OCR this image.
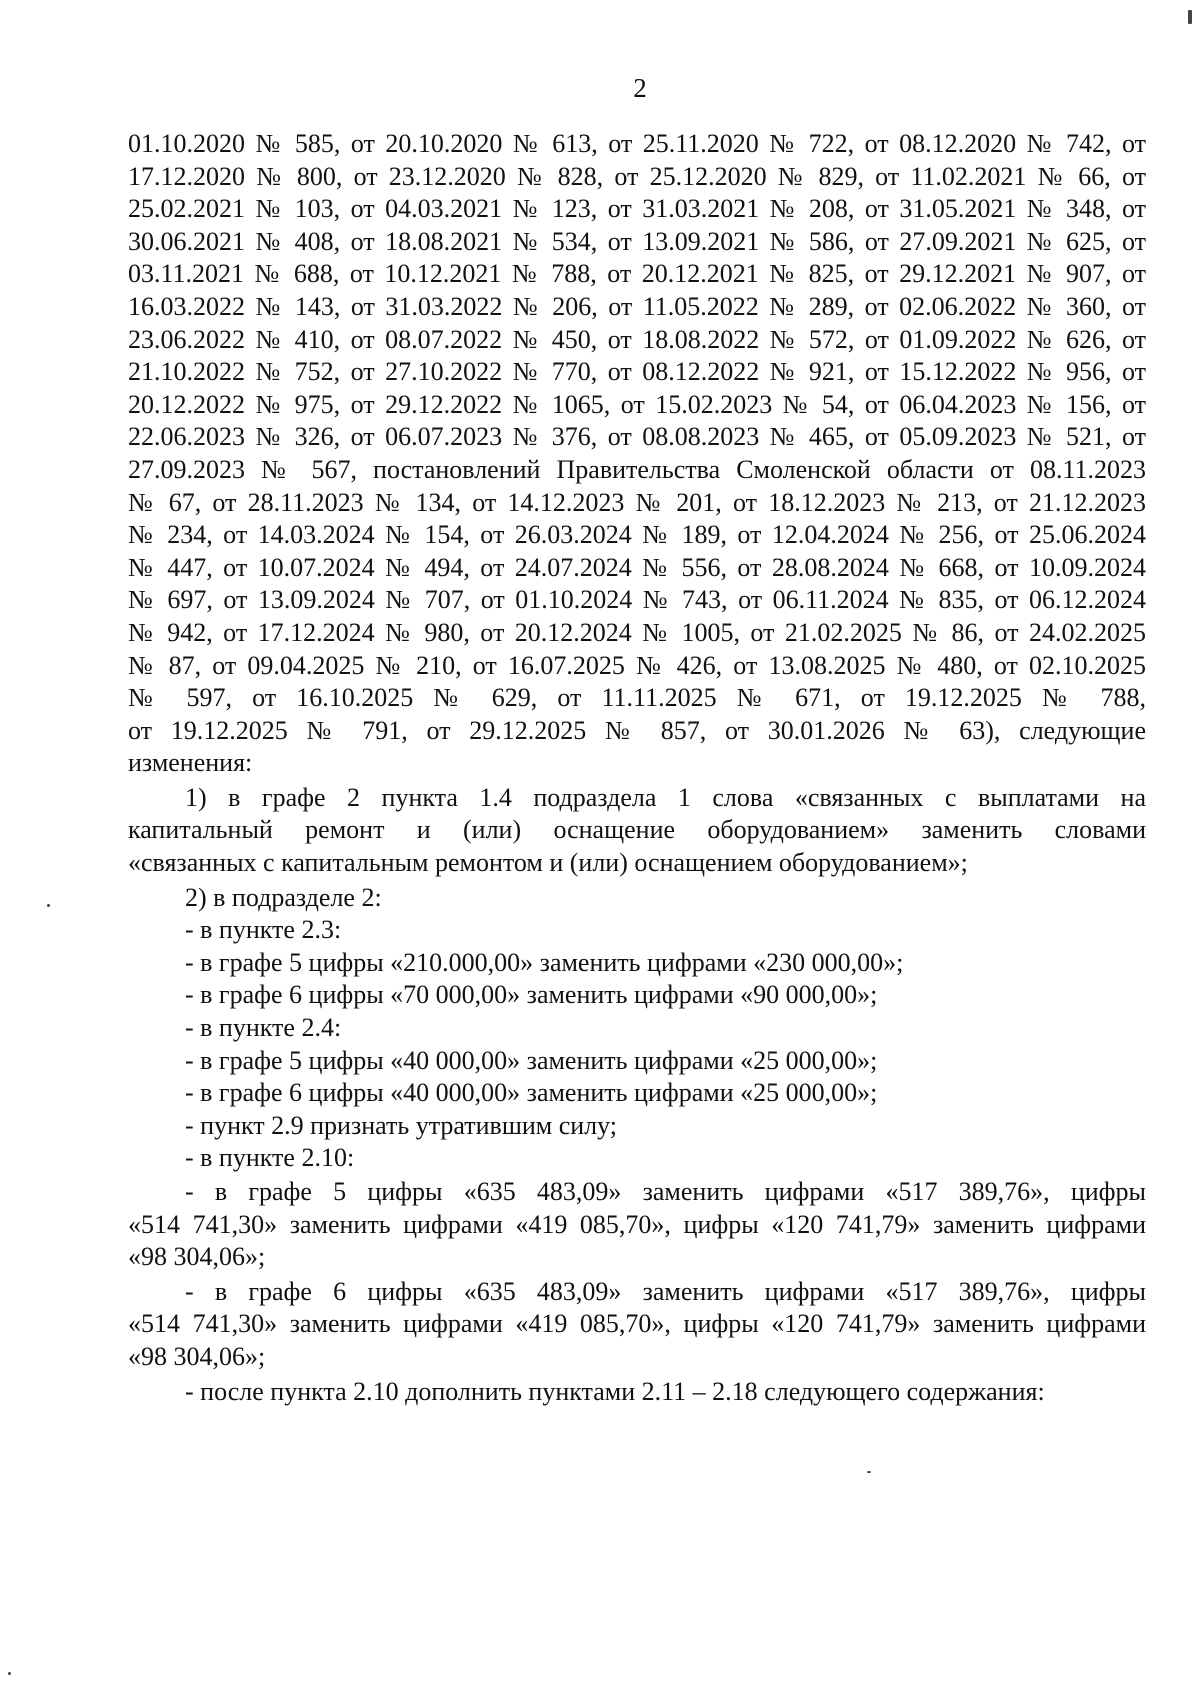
2
01.10.2020 № 585, от 20.10.2020 № 613, от 25.11.2020 № 722, от 08.12.2020 № 742, от
17.12.2020 № 800, от 23.12.2020 № 828, от 25.12.2020 № 829, от 11.02.2021 № 66, от
25.02.2021 № 103, от 04.03.2021 № 123, от 31.03.2021 № 208, от 31.05.2021 № 348, от
30.06.2021 № 408, от 18.08.2021 № 534, от 13.09.2021 № 586, от 27.09.2021 № 625, от
03.11.2021 № 688, от 10.12.2021 № 788, от 20.12.2021 № 825, от 29.12.2021 № 907, от
16.03.2022 № 143, от 31.03.2022 № 206, от 11.05.2022 № 289, от 02.06.2022 № 360, от
23.06.2022 № 410, от 08.07.2022 № 450, от 18.08.2022 № 572, от 01.09.2022 № 626, от
21.10.2022 № 752, от 27.10.2022 № 770, от 08.12.2022 № 921, от 15.12.2022 № 956, от
20.12.2022 № 975, от 29.12.2022 № 1065, от 15.02.2023 № 54, от 06.04.2023 № 156, от
22.06.2023 № 326, от 06.07.2023 № 376, от 08.08.2023 № 465, от 05.09.2023 № 521, от
27.09.2023 № 567, постановлений Правительства Смоленской области от 08.11.2023
№ 67, от 28.11.2023 № 134, от 14.12.2023 № 201, от 18.12.2023 № 213, от 21.12.2023
№ 234, от 14.03.2024 № 154, от 26.03.2024 № 189, от 12.04.2024 № 256, от 25.06.2024
№ 447, от 10.07.2024 № 494, от 24.07.2024 № 556, от 28.08.2024 № 668, от 10.09.2024
№ 697, от 13.09.2024 № 707, от 01.10.2024 № 743, от 06.11.2024 № 835, от 06.12.2024
№ 942, от 17.12.2024 № 980, от 20.12.2024 № 1005, от 21.02.2025 № 86, от 24.02.2025
№ 87, от 09.04.2025 № 210, от 16.07.2025 № 426, от 13.08.2025 № 480, от 02.10.2025
№ 597, от 16.10.2025 № 629, от 11.11.2025 № 671, от 19.12.2025 № 788,
от 19.12.2025 № 791, от 29.12.2025 № 857, от 30.01.2026 № 63), следующие
изменения:
1) в графе 2 пункта 1.4 подраздела 1 слова «связанных с выплатами на
капитальный ремонт и (или) оснащение оборудованием» заменить словами
«связанных с капитальным ремонтом и (или) оснащением оборудованием»;
2) в подразделе 2:
- в пункте 2.3:
- в графе 5 цифры «210.000,00» заменить цифрами «230 000,00»;
- в графе 6 цифры «70 000,00» заменить цифрами «90 000,00»;
- в пункте 2.4:
- в графе 5 цифры «40 000,00» заменить цифрами «25 000,00»;
- в графе 6 цифры «40 000,00» заменить цифрами «25 000,00»;
- пункт 2.9 признать утратившим силу;
- в пункте 2.10:
- в графе 5 цифры «635 483,09» заменить цифрами «517 389,76», цифры
«514 741,30» заменить цифрами «419 085,70», цифры «120 741,79» заменить цифрами
«98 304,06»;
- в графе 6 цифры «635 483,09» заменить цифрами «517 389,76», цифры
«514 741,30» заменить цифрами «419 085,70», цифры «120 741,79» заменить цифрами
«98 304,06»;
- после пункта 2.10 дополнить пунктами 2.11 – 2.18 следующего содержания:
